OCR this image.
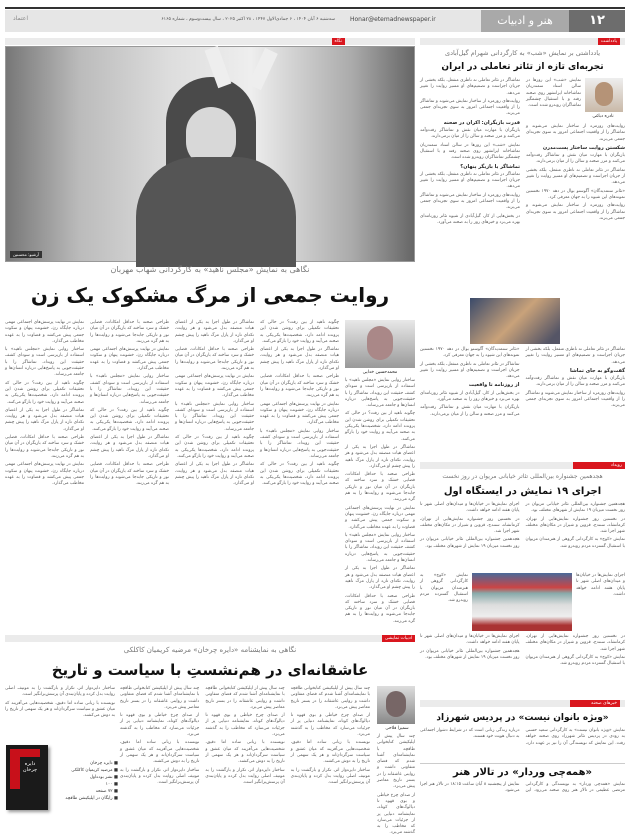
۱۲
هنر و ادبیات
Honar@etemadnewspaper.ir
سه‌شنبه ۶ آبان ۱۴۰۴ ، ۶ جمادی‌الاول ۱۴۴۷ ، ۲۸ اکتبر ۲۰۲۵ ، سال بیست‌وسوم ، شماره ۶۱۶۵
اعتماد
نگاه
آرشیو: محسنین
نگاهی به نمایش «مجلس ناهید» به کارگردانی شهاب مهربان
روایت جمعی از مرگ مشکوک یک زن
محمدحسین خدایی

ساختار روایی نمایش «مجلس ناهید» با استفاده از بازیرسی است و سودای کشف حقیقت این رویداد، تماشاگر را با حقیقت‌جویی به پاسخ‌هایی درباره انسان‌ها و جامعه می‌رساند.

چگونه ناهید از بین رفت؟ در حالی که تحقیقات تکمیلی برای روشن شدن این پرونده ادامه دارد، شخصیت‌ها یکی‌یکی به صحنه می‌آیند و روایت خود را بازگو می‌کنند.

تماشاگر در طول اجرا به یکی از اعضای هیات منصفه بدل می‌شود و هر روایت، تکه‌ای تازه از پازل مرگ ناهید را پیش چشم او می‌گذارد.

طراحی صحنه با حداقل امکانات، فضایی خشک و سرد ساخته که بازیگران در آن میان نور و تاریکی جابه‌جا می‌شوند و روایت‌ها را به هم گره می‌زنند.

نمایش در نهایت پرسش‌های اجتماعی مهمی درباره جایگاه زن، خشونت پنهان و سکوت جمعی پیش می‌کشد و قضاوت را به عهده مخاطب می‌گذارد.

ساختار روایی نمایش «مجلس ناهید» با استفاده از بازیرسی است و سودای کشف حقیقت این رویداد، تماشاگر را با حقیقت‌جویی به پاسخ‌هایی درباره انسان‌ها و جامعه می‌رساند.

تماشاگر در طول اجرا به یکی از اعضای هیات منصفه بدل می‌شود و هر روایت، تکه‌ای تازه از پازل مرگ ناهید را پیش چشم او می‌گذارد.

طراحی صحنه با حداقل امکانات، فضایی خشک و سرد ساخته که بازیگران در آن میان نور و تاریکی جابه‌جا می‌شوند و روایت‌ها را به هم گره می‌زنند.

چگونه ناهید از بین رفت؟ در حالی که تحقیقات تکمیلی برای روشن شدن این پرونده ادامه دارد، شخصیت‌ها یکی‌یکی به صحنه می‌آیند و روایت خود را بازگو می‌کنند.

تماشاگر در طول اجرا به یکی از اعضای هیات منصفه بدل می‌شود و هر روایت، تکه‌ای تازه از پازل مرگ ناهید را پیش چشم او می‌گذارد.

طراحی صحنه با حداقل امکانات، فضایی خشک و سرد ساخته که بازیگران در آن میان نور و تاریکی جابه‌جا می‌شوند و روایت‌ها را به هم گره می‌زنند.

نمایش در نهایت پرسش‌های اجتماعی مهمی درباره جایگاه زن، خشونت پنهان و سکوت جمعی پیش می‌کشد و قضاوت را به عهده مخاطب می‌گذارد.

ساختار روایی نمایش «مجلس ناهید» با استفاده از بازیرسی است و سودای کشف حقیقت این رویداد، تماشاگر را با حقیقت‌جویی به پاسخ‌هایی درباره انسان‌ها و جامعه می‌رساند.

چگونه ناهید از بین رفت؟ در حالی که تحقیقات تکمیلی برای روشن شدن این پرونده ادامه دارد، شخصیت‌ها یکی‌یکی به صحنه می‌آیند و روایت خود را بازگو می‌کنند.

تماشاگر در طول اجرا به یکی از اعضای هیات منصفه بدل می‌شود و هر روایت، تکه‌ای تازه از پازل مرگ ناهید را پیش چشم او می‌گذارد.

طراحی صحنه با حداقل امکانات، فضایی خشک و سرد ساخته که بازیگران در آن میان نور و تاریکی جابه‌جا می‌شوند و روایت‌ها را به هم گره می‌زنند.

نمایش در نهایت پرسش‌های اجتماعی مهمی درباره جایگاه زن، خشونت پنهان و سکوت جمعی پیش می‌کشد و قضاوت را به عهده مخاطب می‌گذارد.

ساختار روایی نمایش «مجلس ناهید» با استفاده از بازیرسی است و سودای کشف حقیقت این رویداد، تماشاگر را با حقیقت‌جویی به پاسخ‌هایی درباره انسان‌ها و جامعه می‌رساند.

چگونه ناهید از بین رفت؟ در حالی که تحقیقات تکمیلی برای روشن شدن این پرونده ادامه دارد، شخصیت‌ها یکی‌یکی به صحنه می‌آیند و روایت خود را بازگو می‌کنند.

تماشاگر در طول اجرا به یکی از اعضای هیات منصفه بدل می‌شود و هر روایت، تکه‌ای تازه از پازل مرگ ناهید را پیش چشم او می‌گذارد.

طراحی صحنه با حداقل امکانات، فضایی خشک و سرد ساخته که بازیگران در آن میان نور و تاریکی جابه‌جا می‌شوند و روایت‌ها را به هم گره می‌زنند.

نمایش در نهایت پرسش‌های اجتماعی مهمی درباره جایگاه زن، خشونت پنهان و سکوت جمعی پیش می‌کشد و قضاوت را به عهده مخاطب می‌گذارد.

ساختار روایی نمایش «مجلس ناهید» با استفاده از بازیرسی است و سودای کشف حقیقت این رویداد، تماشاگر را با حقیقت‌جویی به پاسخ‌هایی درباره انسان‌ها و جامعه می‌رساند.

چگونه ناهید از بین رفت؟ در حالی که تحقیقات تکمیلی برای روشن شدن این پرونده ادامه دارد، شخصیت‌ها یکی‌یکی به صحنه می‌آیند و روایت خود را بازگو می‌کنند.

تماشاگر در طول اجرا به یکی از اعضای هیات منصفه بدل می‌شود و هر روایت، تکه‌ای تازه از پازل مرگ ناهید را پیش چشم او می‌گذارد.

طراحی صحنه با حداقل امکانات، فضایی خشک و سرد ساخته که بازیگران در آن میان نور و تاریکی جابه‌جا می‌شوند و روایت‌ها را به هم گره می‌زنند.

نمایش در نهایت پرسش‌های اجتماعی مهمی درباره جایگاه زن، خشونت پنهان و سکوت جمعی پیش می‌کشد و قضاوت را به عهده مخاطب می‌گذارد.

ساختار روایی نمایش «مجلس ناهید» با استفاده از بازیرسی است و سودای کشف حقیقت این رویداد، تماشاگر را با حقیقت‌جویی به پاسخ‌هایی درباره انسان‌ها و جامعه می‌رساند.

چگونه ناهید از بین رفت؟ در حالی که تحقیقات تکمیلی برای روشن شدن این پرونده ادامه دارد، شخصیت‌ها یکی‌یکی به صحنه می‌آیند و روایت خود را بازگو می‌کنند.

تماشاگر در طول اجرا به یکی از اعضای هیات منصفه بدل می‌شود و هر روایت، تکه‌ای تازه از پازل مرگ ناهید را پیش چشم او می‌گذارد.

طراحی صحنه با حداقل امکانات، فضایی خشک و سرد ساخته که بازیگران در آن میان نور و تاریکی جابه‌جا می‌شوند و روایت‌ها را به هم گره می‌زنند.

نمایش در نهایت پرسش‌های اجتماعی مهمی درباره جایگاه زن، خشونت پنهان و سکوت جمعی پیش می‌کشد و قضاوت را به عهده مخاطب می‌گذارد.

ادبیات نمایشی
نگاهی به نمایشنامه «دایره چرخان» مرضیه کریمیان کاکلکی
عاشقانه‌ای در هم‌نشستِ با سیاست و تاریخ
سمیرا فلاحی

چند سال پیش از اپلیکیشن کتابخوانی طاقچه با نمایشنامه‌ای آشنا شدم که فضای متفاوتی داشت و روایتی عاشقانه را در بستر تاریخ معاصر پیش می‌برد.

از صدای چرخ خیاطی و بوی قهوه تا دیالوگ‌های کوتاه، نمایشنامه دنیایی پر از جزئیات می‌سازد که مخاطب را به گذشته می‌برد.

نویسنده با زبانی ساده اما دقیق، شخصیت‌هایی می‌آفریند که میان عشق و سیاست سرگردان‌اند و هر یک سهمی از تاریخ را به دوش می‌کشند.

ساختار دایره‌وار اثر، تکرار و بازگشت را به موتیف اصلی روایت بدل کرده و پایان‌بندی آن پرسش‌برانگیز است.

چند سال پیش از اپلیکیشن کتابخوانی طاقچه با نمایشنامه‌ای آشنا شدم که فضای متفاوتی داشت و روایتی عاشقانه را در بستر تاریخ معاصر پیش می‌برد.

از صدای چرخ خیاطی و بوی قهوه تا دیالوگ‌های کوتاه، نمایشنامه دنیایی پر از جزئیات می‌سازد که مخاطب را به گذشته می‌برد.

نویسنده با زبانی ساده اما دقیق، شخصیت‌هایی می‌آفریند که میان عشق و سیاست سرگردان‌اند و هر یک سهمی از تاریخ را به دوش می‌کشند.

ساختار دایره‌وار اثر، تکرار و بازگشت را به موتیف اصلی روایت بدل کرده و پایان‌بندی آن پرسش‌برانگیز است.

چند سال پیش از اپلیکیشن کتابخوانی طاقچه با نمایشنامه‌ای آشنا شدم که فضای متفاوتی داشت و روایتی عاشقانه را در بستر تاریخ معاصر پیش می‌برد.

از صدای چرخ خیاطی و بوی قهوه تا دیالوگ‌های کوتاه، نمایشنامه دنیایی پر از جزئیات می‌سازد که مخاطب را به گذشته می‌برد.

نویسنده با زبانی ساده اما دقیق، شخصیت‌هایی می‌آفریند که میان عشق و سیاست سرگردان‌اند و هر یک سهمی از تاریخ را به دوش می‌کشند.

ساختار دایره‌وار اثر، تکرار و بازگشت را به موتیف اصلی روایت بدل کرده و پایان‌بندی آن پرسش‌برانگیز است.

چند سال پیش از اپلیکیشن کتابخوانی طاقچه با نمایشنامه‌ای آشنا شدم که فضای متفاوتی داشت و روایتی عاشقانه را در بستر تاریخ معاصر پیش می‌برد.

از صدای چرخ خیاطی و بوی قهوه تا دیالوگ‌های کوتاه، نمایشنامه دنیایی پر از جزئیات می‌سازد که مخاطب را به گذشته می‌برد.

ساختار دایره‌وار اثر، تکرار و بازگشت را به موتیف اصلی روایت بدل کرده و پایان‌بندی آن پرسش‌برانگیز است.

نویسنده با زبانی ساده اما دقیق، شخصیت‌هایی می‌آفریند که میان عشق و سیاست سرگردان‌اند و هر یک سهمی از تاریخ را به دوش می‌کشند.

دایره چرخان
■ دایره چرخان
■ مرضیه کریمیان کاکلکی
■ نشر بوده‌اول
■ ۱۰۰
■ ۷۲ صفحه
■ رایگان در اپلیکیشن طاقچه
یادداشت
یادداشتی بر نمایش «شب» به کارگردانی شهرام گیل‌آبادی
تجربه‌ای تازه از تئاتر تعاملی در ایران
نادره دباغی

نمایش «شب» این روزها در سالن استاد سمندریان تماشاخانه ایرانشهر روی صحنه رفته و با استقبال چشمگیر تماشاگران روبه‌رو شده است.

روایت‌های روزمره از ساختار نمایش می‌شوند و تماشاگر را از واقعیت اجتماعی امروز به سوی تجربه‌ای جمعی می‌برند.

شکستن روایت ساختار پست‌مدرن

بازیگران با مهارت میان نقش و تماشاگر رفت‌وآمد می‌کنند و مرز صحنه و سالن را از میان برمی‌دارند.

تماشاگر در تئاتر تعاملی نه ناظری منفعل، بلکه بخشی از جریان اجراست و تصمیم‌های او مسیر روایت را تغییر می‌دهد.

«تئاتر ستمدیدگان» آگوستو بوال در دهه ۱۹۷۰ نخستین نمونه‌های این شیوه را به جهان معرفی کرد.

روایت‌های روزمره از ساختار نمایش می‌شوند و تماشاگر را از واقعیت اجتماعی امروز به سوی تجربه‌ای جمعی می‌برند.

تماشاگر در تئاتر تعاملی نه ناظری منفعل، بلکه بخشی از جریان اجراست و تصمیم‌های او مسیر روایت را تغییر می‌دهد.

روایت‌های روزمره از ساختار نمایش می‌شوند و تماشاگر را از واقعیت اجتماعی امروز به سوی تجربه‌ای جمعی می‌برند.

قدرت بازیگران: اکران در صحنه

بازیگران با مهارت میان نقش و تماشاگر رفت‌وآمد می‌کنند و مرز صحنه و سالن را از میان برمی‌دارند.

نمایش «شب» این روزها در سالن استاد سمندریان تماشاخانه ایرانشهر روی صحنه رفته و با استقبال چشمگیر تماشاگران روبه‌رو شده است.

تماشاگر یا بازیگر پنهان؟

تماشاگر در تئاتر تعاملی نه ناظری منفعل، بلکه بخشی از جریان اجراست و تصمیم‌های او مسیر روایت را تغییر می‌دهد.

روایت‌های روزمره از ساختار نمایش می‌شوند و تماشاگر را از واقعیت اجتماعی امروز به سوی تجربه‌ای جمعی می‌برند.

در بخش‌هایی از کار، گیل‌آبادی از شیوه تئاتر روزنامه‌ای بهره می‌برد و خبرهای روز را به صحنه می‌آورد.

تماشاگر در تئاتر تعاملی نه ناظری منفعل، بلکه بخشی از جریان اجراست و تصمیم‌های او مسیر روایت را تغییر می‌دهد.

گفت‌وگو به جای تماشا

بازیگران با مهارت میان نقش و تماشاگر رفت‌وآمد می‌کنند و مرز صحنه و سالن را از میان برمی‌دارند.

روایت‌های روزمره از ساختار نمایش می‌شوند و تماشاگر را از واقعیت اجتماعی امروز به سوی تجربه‌ای جمعی می‌برند.

«تئاتر ستمدیدگان» آگوستو بوال در دهه ۱۹۷۰ نخستین نمونه‌های این شیوه را به جهان معرفی کرد.

تماشاگر در تئاتر تعاملی نه ناظری منفعل، بلکه بخشی از جریان اجراست و تصمیم‌های او مسیر روایت را تغییر می‌دهد.

از روزنامه تا واقعیت

در بخش‌هایی از کار، گیل‌آبادی از شیوه تئاتر روزنامه‌ای بهره می‌برد و خبرهای روز را به صحنه می‌آورد.

بازیگران با مهارت میان نقش و تماشاگر رفت‌وآمد می‌کنند و مرز صحنه و سالن را از میان برمی‌دارند.

رویداد
هجدهمین جشنواره بین‌المللی تئاتر خیابانی مریوان در روز نخست
اجرای ۱۹ نمایش در ایستگاه اول

هجدهمین جشنواره بین‌المللی تئاتر خیابانی مریوان در روز نخست میزبان ۱۹ نمایش از شهرهای مختلف بود.

در نخستین روز جشنواره نمایش‌هایی از تهران، کرمانشاه، سنندج، قزوین و شیراز در مکان‌های مختلف شهر اجرا شد.

نمایش «کوچ» به کارگردانی گروهی از هنرمندان مریوان با استقبال گسترده مردم روبه‌رو شد.

اجرای نمایش‌ها در خیابان‌ها و میدان‌های اصلی شهر تا پایان هفته ادامه خواهد داشت.

در نخستین روز جشنواره نمایش‌هایی از تهران، کرمانشاه، سنندج، قزوین و شیراز در مکان‌های مختلف شهر اجرا شد.

هجدهمین جشنواره بین‌المللی تئاتر خیابانی مریوان در روز نخست میزبان ۱۹ نمایش از شهرهای مختلف بود.

نمایش «کوچ» به کارگردانی گروهی از هنرمندان مریوان با استقبال گسترده مردم روبه‌رو شد.

اجرای نمایش‌ها در خیابان‌ها و میدان‌های اصلی شهر تا پایان هفته ادامه خواهد داشت.

در نخستین روز جشنواره نمایش‌هایی از تهران، کرمانشاه، سنندج، قزوین و شیراز در مکان‌های مختلف شهر اجرا شد.

نمایش «کوچ» به کارگردانی گروهی از هنرمندان مریوان با استقبال گسترده مردم روبه‌رو شد.

اجرای نمایش‌ها در خیابان‌ها و میدان‌های اصلی شهر تا پایان هفته ادامه خواهد داشت.

هجدهمین جشنواره بین‌المللی تئاتر خیابانی مریوان در روز نخست میزبان ۱۹ نمایش از شهرهای مختلف بود.

خبرهای صحنه
«ویژه بانوان نیست» در پردیس شهرزاد
نمایش «ویژه بانوان نیست» به کارگردانی سعید حسنی به زودی در پردیس تئاتر شهرزاد روی صحنه خواهد رفت. این نمایش که نویسندگی آن را نیز بر عهده دارد، درباره زندگی زنانی است که در شرایط دشوار اجتماعی به دنبال هویت خود هستند.
«همه‌چی وردار» در تالار هنر
نمایش «همه‌چی وردار» به نویسندگی و کارگردانی مرتضی عظیمی در تالار هنر روی صحنه می‌رود. این نمایش از پنجشنبه ۸ آبان ساعت ۱۸:۱۵ در تالار هنر اجرا می‌شود.
